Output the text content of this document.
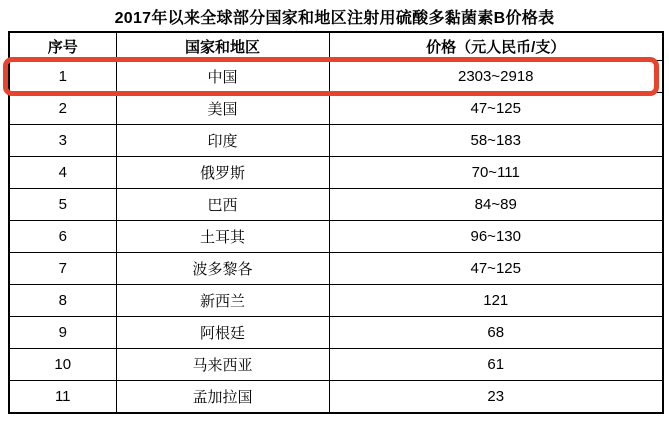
2017年以来全球部分国家和地区注射用硫酸多黏菌素B价格表
序号	国家和地区	价格（元人民币/支）
1	中国	2303~2918
2	美国	47~125
3	印度	58~183
4	俄罗斯	70~111
5	巴西	84~89
6	土耳其	96~130
7	波多黎各	47~125
8	新西兰	121
9	阿根廷	68
10	马来西亚	61
11	孟加拉国	23
